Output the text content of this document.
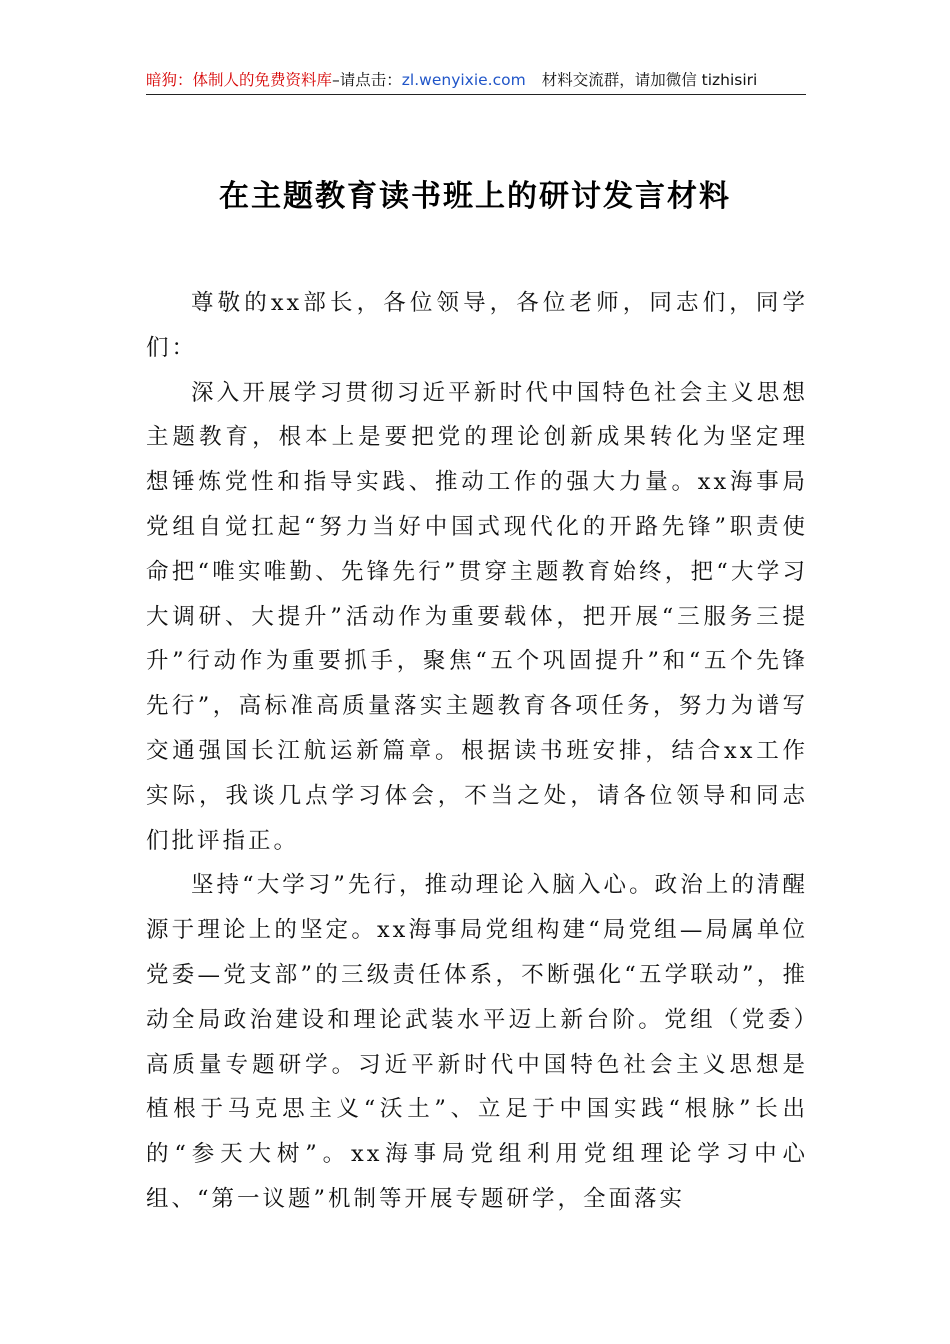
暗狗：体制人的免费资料库–请点击：zl.wenyixie.com 材料交流群，请加微信 tizhisiri
在主题教育读书班上的研讨发言材料

尊敬的xx部长，各位领导，各位老师，同志们，同学们：

深入开展学习贯彻习近平新时代中国特色社会主义思想主题教育，根本上是要把党的理论创新成果转化为坚定理想锤炼党性和指导实践、推动工作的强大力量。xx海事局党组自觉扛起“努力当好中国式现代化的开路先锋”职责使命把“唯实唯勤、先锋先行”贯穿主题教育始终，把“大学习大调研、大提升”活动作为重要载体，把开展“三服务三提升”行动作为重要抓手，聚焦“五个巩固提升”和“五个先锋先行”，高标准高质量落实主题教育各项任务，努力为谱写交通强国长江航运新篇章。根据读书班安排，结合xx工作实际，我谈几点学习体会，不当之处，请各位领导和同志们批评指正。

坚持“大学习”先行，推动理论入脑入心。政治上的清醒源于理论上的坚定。xx海事局党组构建“局党组—局属单位党委—党支部”的三级责任体系，不断强化“五学联动”，推动全局政治建设和理论武装水平迈上新台阶。党组（党委）高质量专题研学。习近平新时代中国特色社会主义思想是植根于马克思主义“沃土”、立足于中国实践“根脉”长出的“参天大树”。xx海事局党组利用党组理论学习中心组、“第一议题”机制等开展专题研学，全面落实
